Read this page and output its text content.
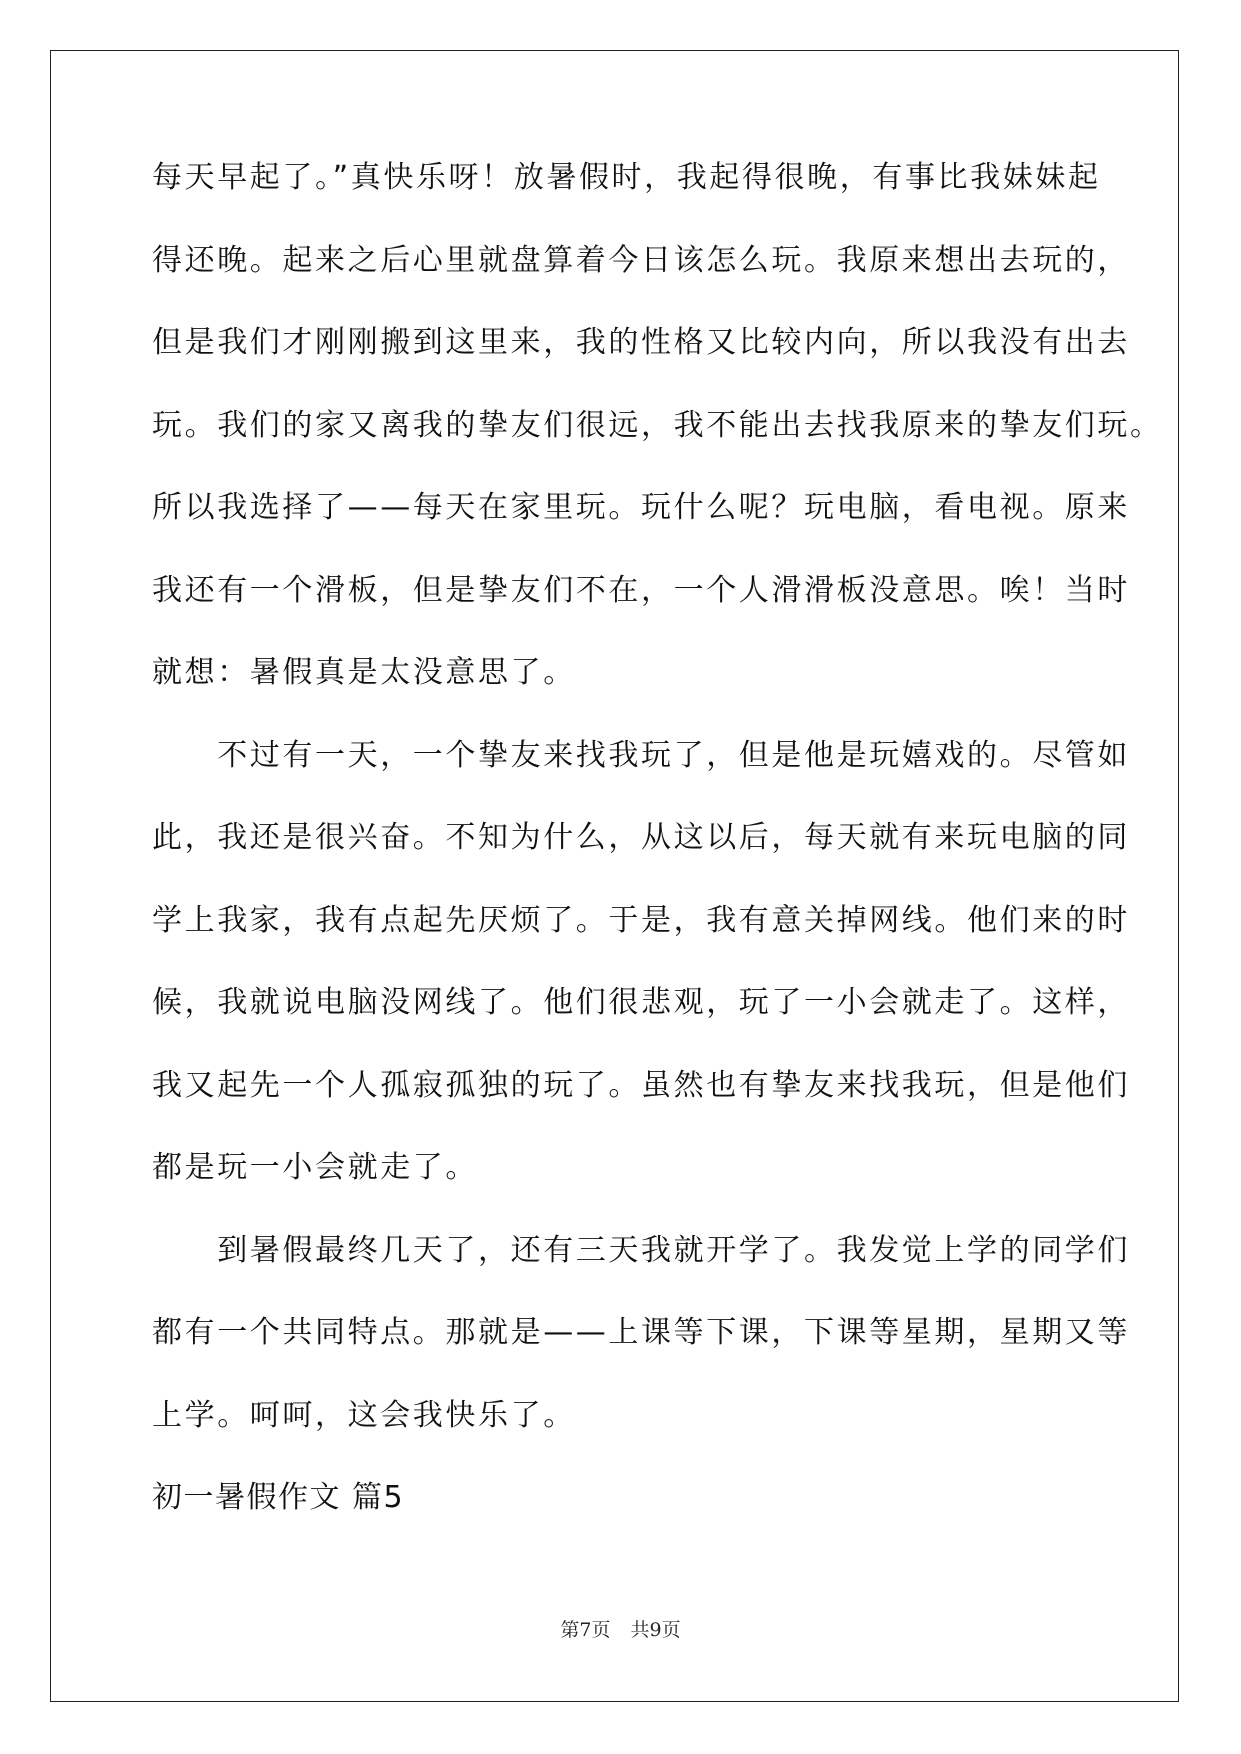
每天早起了。”真快乐呀！放暑假时，我起得很晚，有事比我妹妹起
得还晚。起来之后心里就盘算着今日该怎么玩。我原来想出去玩的，
但是我们才刚刚搬到这里来，我的性格又比较内向，所以我没有出去
玩。我们的家又离我的挚友们很远，我不能出去找我原来的挚友们玩。
所以我选择了——每天在家里玩。玩什么呢？玩电脑，看电视。原来
我还有一个滑板，但是挚友们不在，一个人滑滑板没意思。唉！当时
就想：暑假真是太没意思了。
　　不过有一天，一个挚友来找我玩了，但是他是玩嬉戏的。尽管如
此，我还是很兴奋。不知为什么，从这以后，每天就有来玩电脑的同
学上我家，我有点起先厌烦了。于是，我有意关掉网线。他们来的时
候，我就说电脑没网线了。他们很悲观，玩了一小会就走了。这样，
我又起先一个人孤寂孤独的玩了。虽然也有挚友来找我玩，但是他们
都是玩一小会就走了。
　　到暑假最终几天了，还有三天我就开学了。我发觉上学的同学们
都有一个共同特点。那就是——上课等下课，下课等星期，星期又等
上学。呵呵，这会我快乐了。
初一暑假作文 篇5
第7页 共9页
